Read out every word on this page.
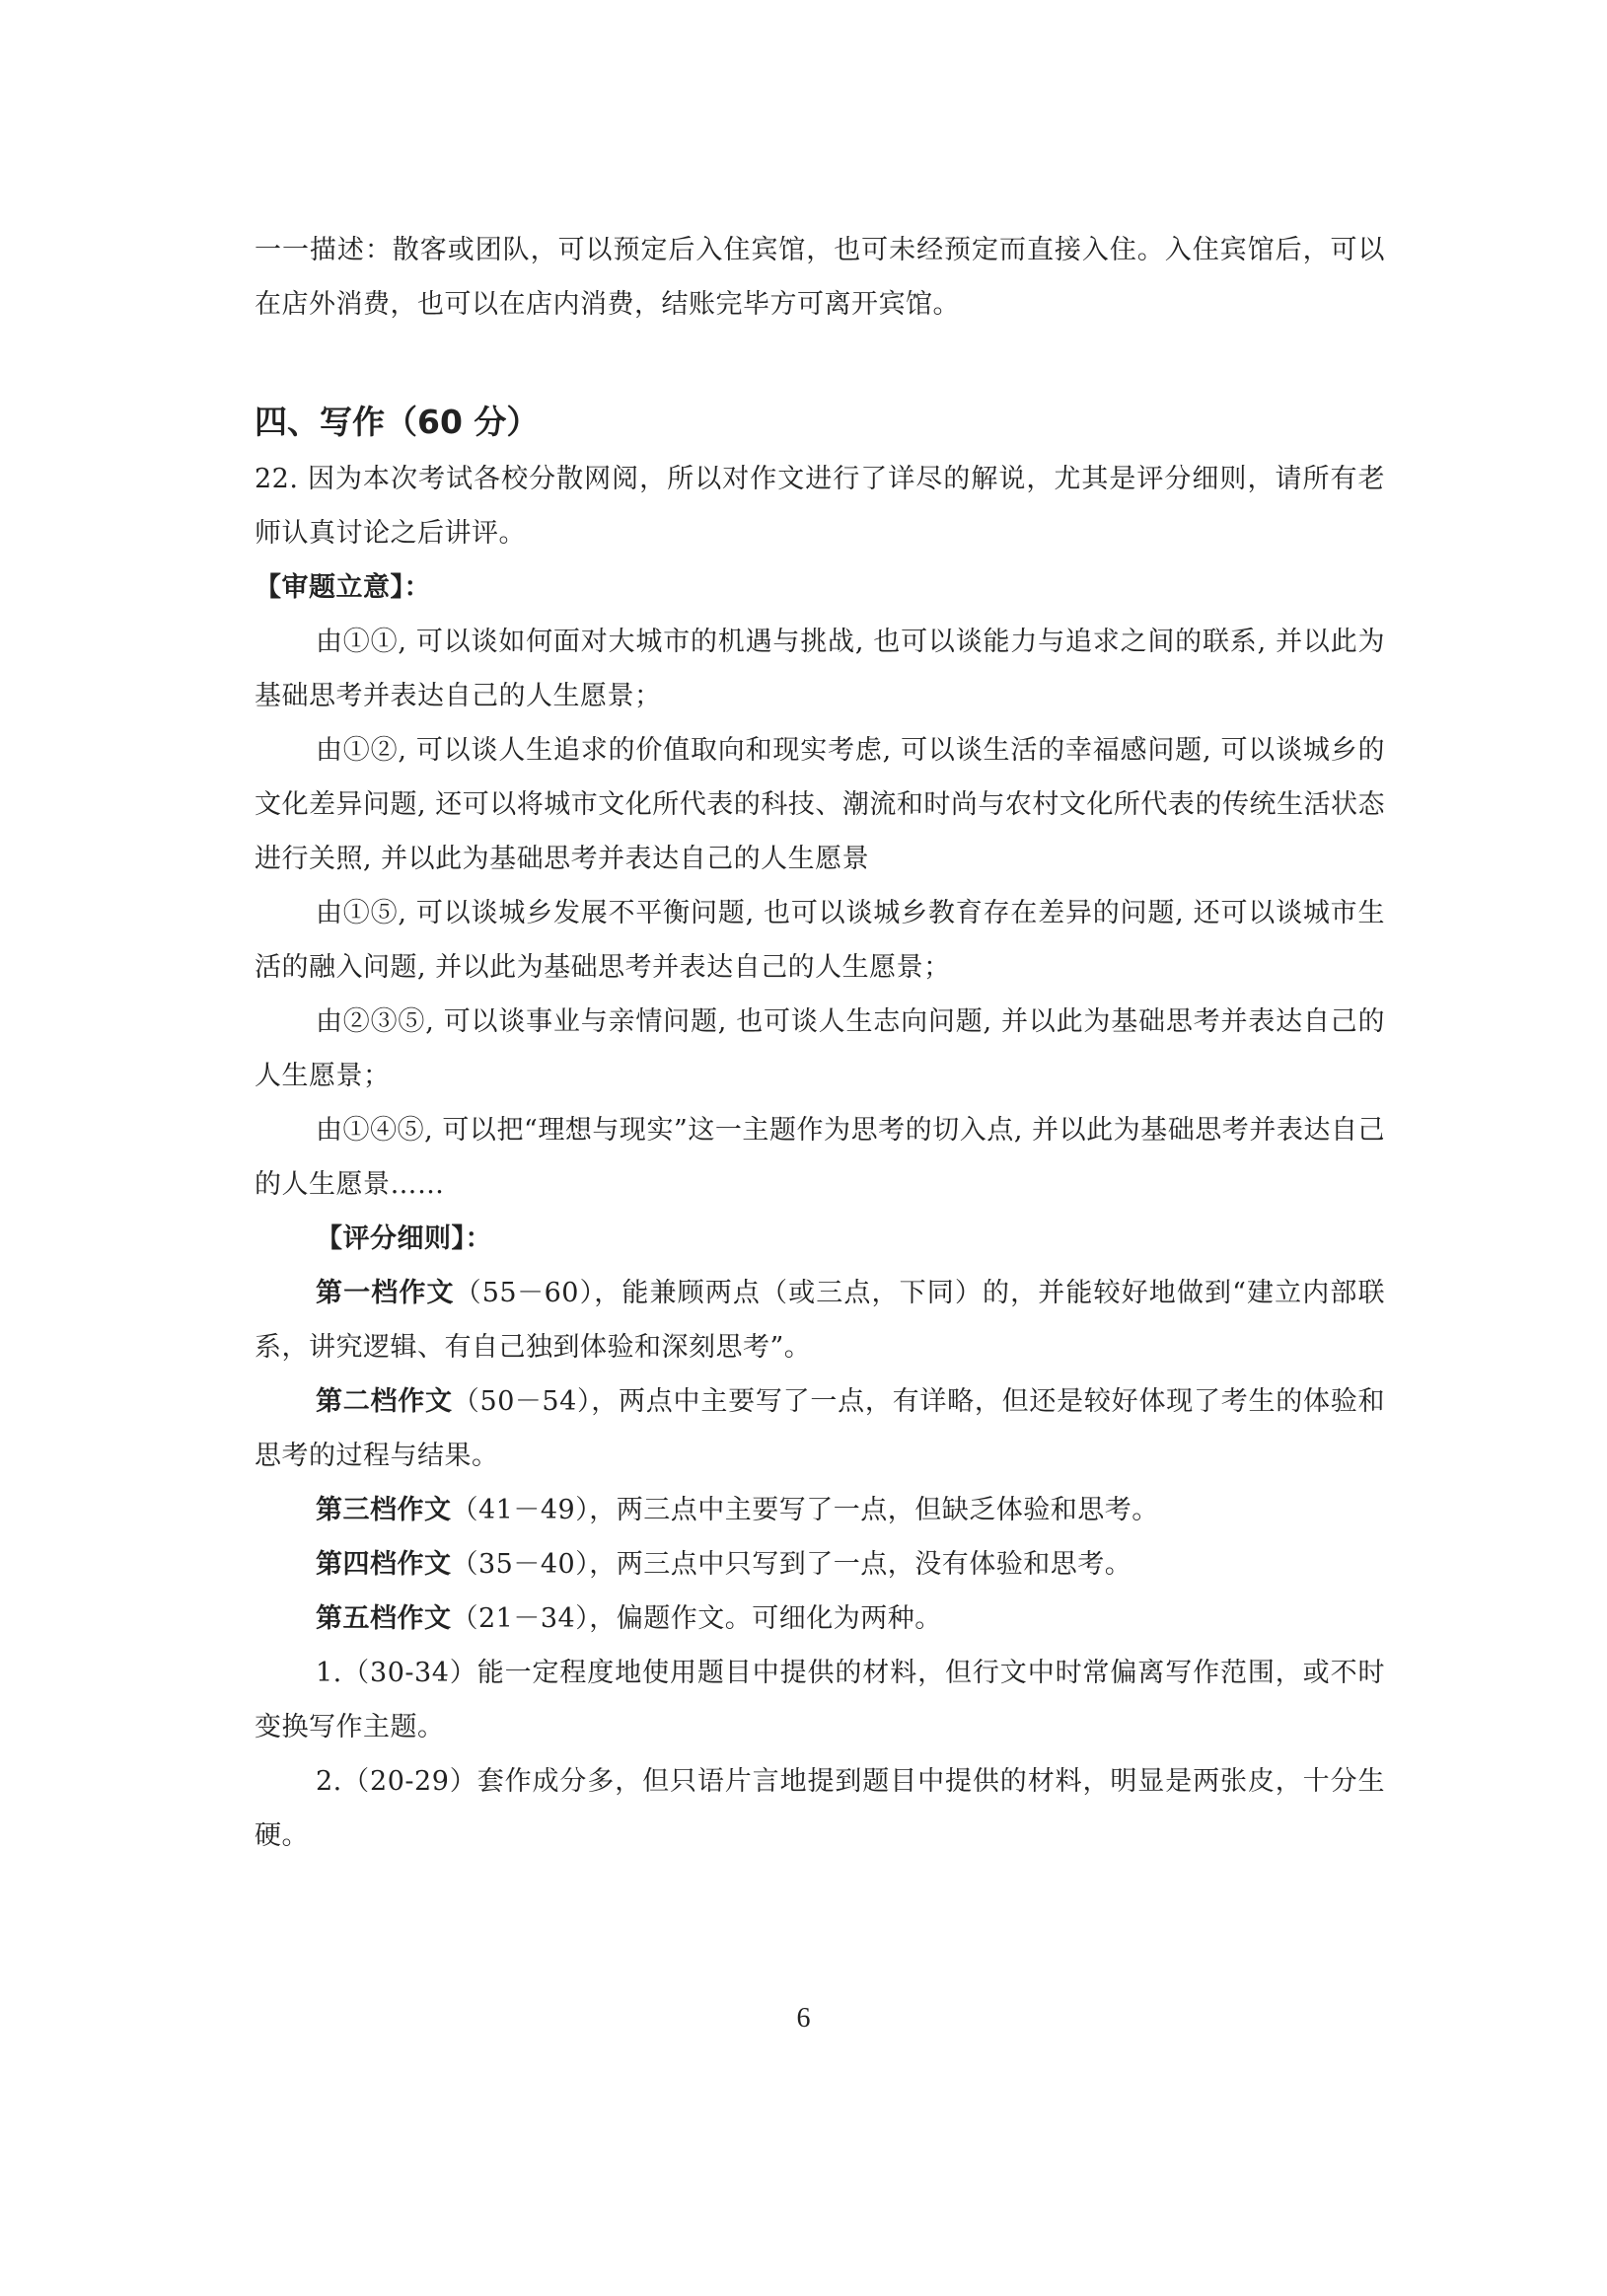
一一描述：散客或团队，可以预定后入住宾馆，也可未经预定而直接入住。入住宾馆后，可以在店外消费，也可以在店内消费，结账完毕方可离开宾馆。

四、写作（60 分）

22. 因为本次考试各校分散网阅，所以对作文进行了详尽的解说，尤其是评分细则，请所有老师认真讨论之后讲评。

【审题立意】：

由①①, 可以谈如何面对大城市的机遇与挑战, 也可以谈能力与追求之间的联系, 并以此为基础思考并表达自己的人生愿景；

由①②, 可以谈人生追求的价值取向和现实考虑, 可以谈生活的幸福感问题, 可以谈城乡的文化差异问题, 还可以将城市文化所代表的科技、潮流和时尚与农村文化所代表的传统生活状态进行关照, 并以此为基础思考并表达自己的人生愿景

由①⑤, 可以谈城乡发展不平衡问题, 也可以谈城乡教育存在差异的问题, 还可以谈城市生活的融入问题, 并以此为基础思考并表达自己的人生愿景；

由②③⑤, 可以谈事业与亲情问题, 也可谈人生志向问题, 并以此为基础思考并表达自己的人生愿景；

由①④⑤, 可以把“理想与现实”这一主题作为思考的切入点, 并以此为基础思考并表达自己的人生愿景……

【评分细则】：

第一档作文（55－60），能兼顾两点（或三点，下同）的，并能较好地做到“建立内部联系，讲究逻辑、有自己独到体验和深刻思考”。

第二档作文（50－54），两点中主要写了一点，有详略，但还是较好体现了考生的体验和思考的过程与结果。

第三档作文（41－49），两三点中主要写了一点，但缺乏体验和思考。

第四档作文（35－40），两三点中只写到了一点，没有体验和思考。

第五档作文（21－34），偏题作文。可细化为两种。

1.（30-34）能一定程度地使用题目中提供的材料，但行文中时常偏离写作范围，或不时变换写作主题。

2.（20-29）套作成分多，但只语片言地提到题目中提供的材料，明显是两张皮，十分生硬。

6
